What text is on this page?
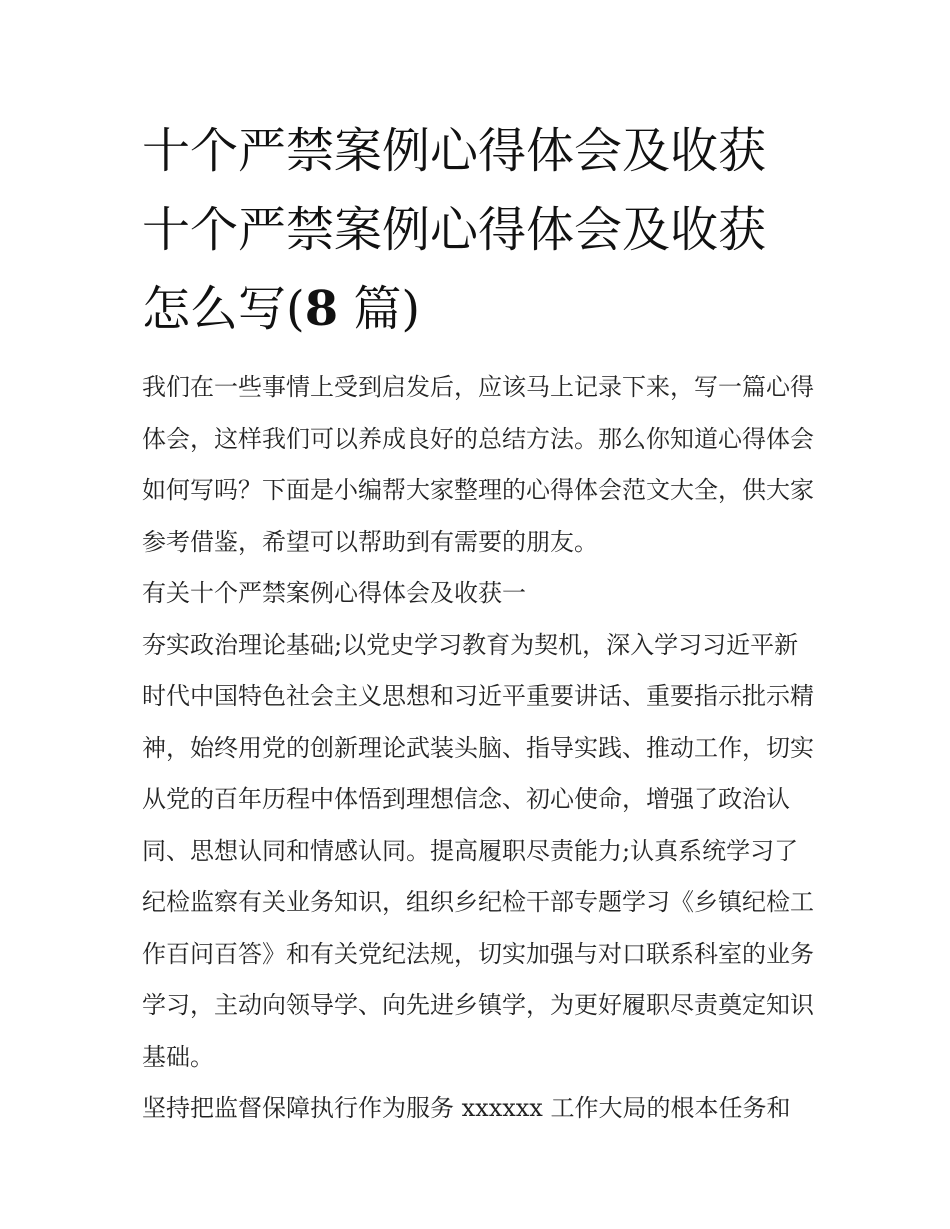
十个严禁案例心得体会及收获
十个严禁案例心得体会及收获
怎么写(8 篇)

我们在一些事情上受到启发后，应该马上记录下来，写一篇心得体会，这样我们可以养成良好的总结方法。那么你知道心得体会如何写吗？下面是小编帮大家整理的心得体会范文大全，供大家参考借鉴，希望可以帮助到有需要的朋友。

有关十个严禁案例心得体会及收获一

夯实政治理论基础;以党史学习教育为契机，深入学习习近平新时代中国特色社会主义思想和习近平重要讲话、重要指示批示精神，始终用党的创新理论武装头脑、指导实践、推动工作，切实从党的百年历程中体悟到理想信念、初心使命，增强了政治认同、思想认同和情感认同。提高履职尽责能力;认真系统学习了纪检监察有关业务知识，组织乡纪检干部专题学习《乡镇纪检工作百问百答》和有关党纪法规，切实加强与对口联系科室的业务学习，主动向领导学、向先进乡镇学，为更好履职尽责奠定知识基础。

坚持把监督保障执行作为服务 xxxxxx 工作大局的根本任务和
